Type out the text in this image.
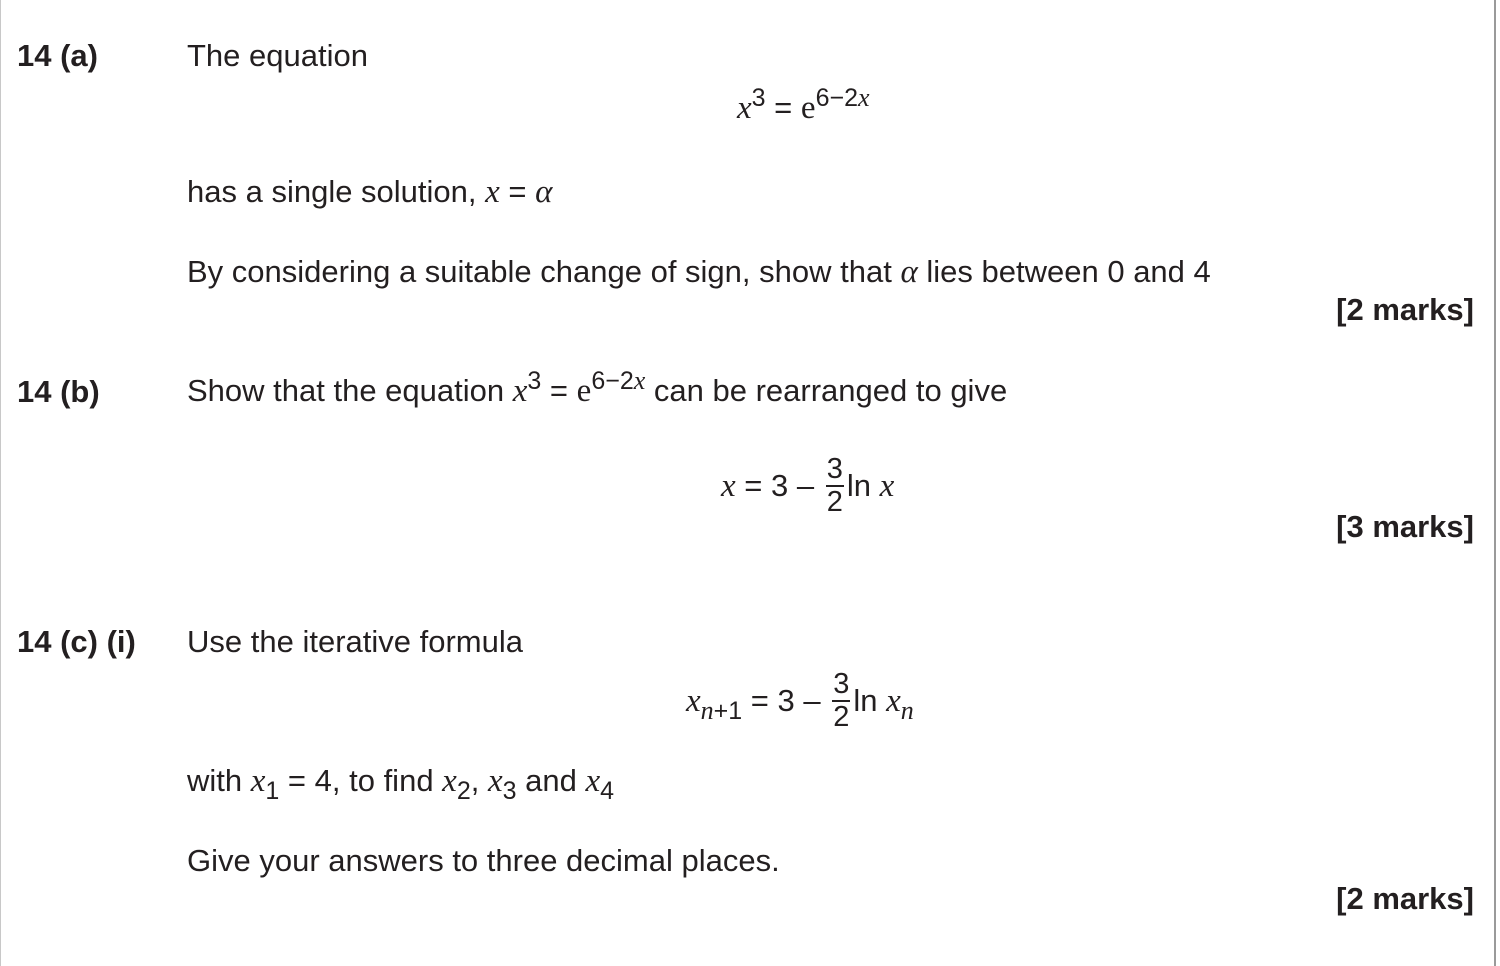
14 (a)	The equation
$x^3 = e^{6-2x}$
has a single solution, x = α
By considering a suitable change of sign, show that α lies between 0 and 4
[2 marks]
14 (b)	Show that the equation $x^3 = e^{6-2x}$ can be rearranged to give
$x = 3 - \frac{3}{2}$ ln x
[3 marks]
14 (c) (i) Use the iterative formula
$x_{n+1} = 3 - \frac{3}{2}$ $\ln x_n$
with $x_1 = 4$, to find $x_2$, $x_3$ and $x_4$
Give your answers to three decimal places.
[2 marks]
